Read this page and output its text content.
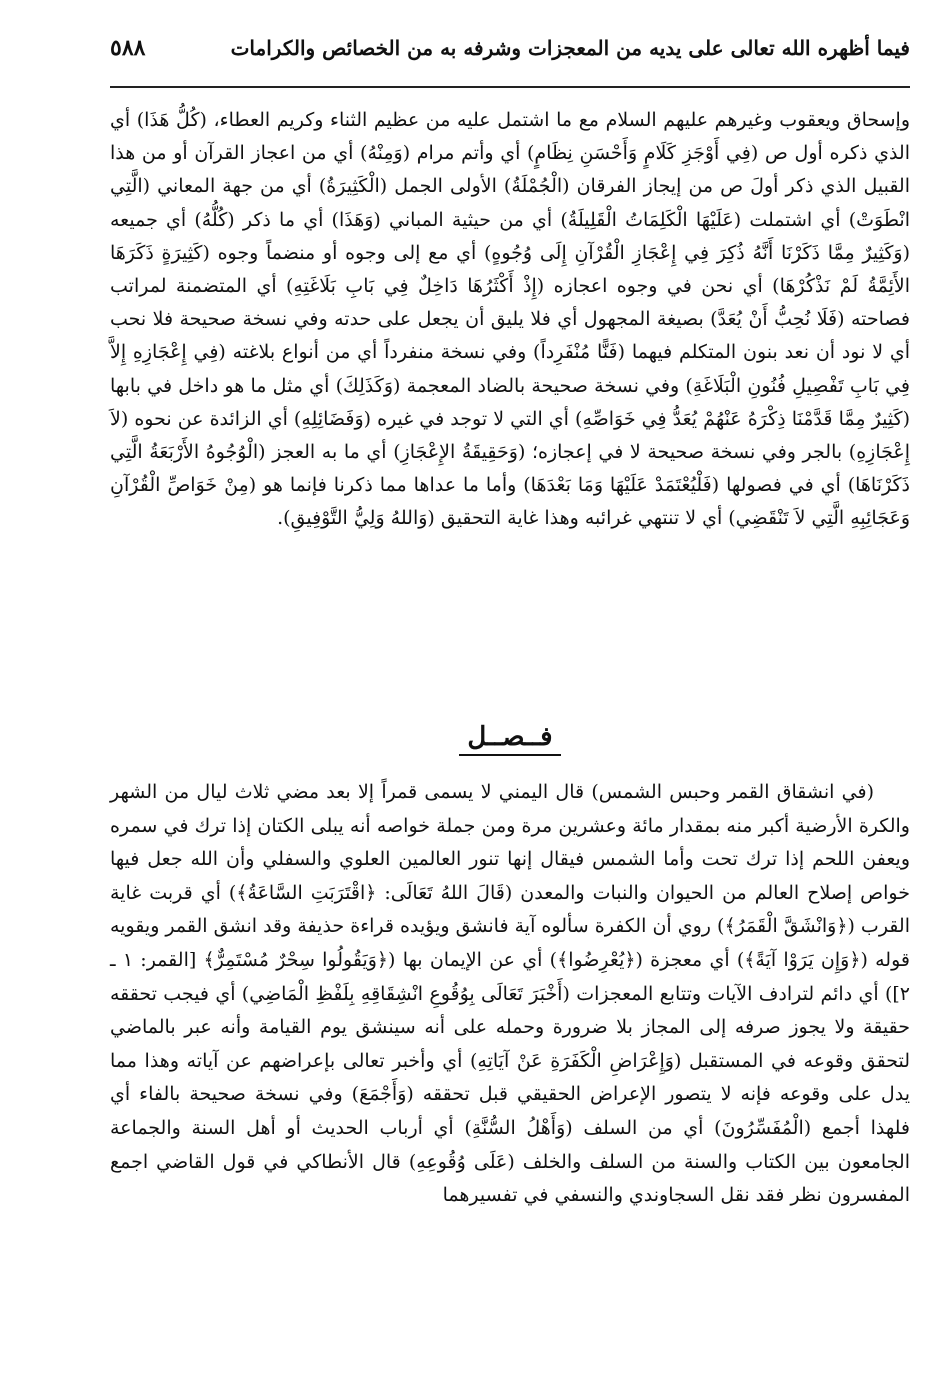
فيما أظهره الله تعالى على يديه من المعجزات وشرفه به من الخصائص والكرامات
٥٨٨

وإسحاق ويعقوب وغيرهم عليهم السلام مع ما اشتمل عليه من عظيم الثناء وكريم العطاء، (كُلُّ هَذَا) أي الذي ذكره أول ص (فِي أَوْجَزِ كَلَامٍ وَأَحْسَنِ نِظَامٍ) أي وأتم مرام (وَمِنْهُ) أي من اعجاز القرآن أو من هذا القبيل الذي ذكر أولَ ص من إيجاز الفرقان (الْجُمْلَةُ) الأولى الجمل (الْكَثِيرَةُ) أي من جهة المعاني (الَّتِي انْطَوَتْ) أي اشتملت (عَلَيْهَا الْكَلِمَاتُ الْقَلِيلَةُ) أي من حيثية المباني (وَهَذَا) أي ما ذكر (كُلُّهُ) أي جميعه (وَكَثِيرٌ مِمَّا ذَكَرْنَا أَنَّهُ ذُكِرَ فِي إِعْجَازِ الْقُرْآنِ إِلَى وُجُوهٍ) أي مع إلى وجوه أو منضماً وجوه (كَثِيرَةٍ ذَكَرَهَا الأَئِمَّةُ لَمْ نَذْكُرْهَا) أي نحن في وجوه اعجازه (إِذْ أَكْثَرُهَا دَاخِلٌ فِي بَابِ بَلَاغَتِهِ) أي المتضمنة لمراتب فصاحته (فَلَا نُحِبُّ أَنْ يُعَدَّ) بصيغة المجهول أي فلا يليق أن يجعل على حدته وفي نسخة صحيحة فلا نحب أي لا نود أن نعد بنون المتكلم فيهما (فَنًّا مُنْفَرِداً) وفي نسخة منفرداً أي من أنواع بلاغته (فِي إِعْجَازِهِ إِلاَّ فِي بَابِ تَفْصِيلِ فُنُونِ الْبَلَاغَةِ) وفي نسخة صحيحة بالضاد المعجمة (وَكَذَلِكَ) أي مثل ما هو داخل في بابها (كَثِيرٌ مِمَّا قَدَّمْنَا ذِكْرَهُ عَنْهُمْ يُعَدُّ فِي خَوَاصِّهِ) أي التي لا توجد في غيره (وَفَضَائِلِهِ) أي الزائدة عن نحوه (لاَ إِعْجَازِهِ) بالجر وفي نسخة صحيحة لا في إعجازه؛ (وَحَقِيقَةُ الإِعْجَازِ) أي ما به العجز (الْوُجُوهُ الأَرْبَعَةُ الَّتِي ذَكَرْنَاهَا) أي في فصولها (فَلْيُعْتَمَدْ عَلَيْهَا وَمَا بَعْدَهَا) وأما ما عداها مما ذكرنا فإنما هو (مِنْ خَوَاصِّ الْقُرْآنِ وَعَجَائِبِهِ الَّتِي لاَ تَنْقَضِي) أي لا تنتهي غرائبه وهذا غاية التحقيق (وَاللهُ وَلِيُّ التَّوْفِيقِ).

فــصــل

(في انشقاق القمر وحبس الشمس) قال اليمني لا يسمى قمراً إلا بعد مضي ثلاث ليال من الشهر والكرة الأرضية أكبر منه بمقدار مائة وعشرين مرة ومن جملة خواصه أنه يبلى الكتان إذا ترك في سمره ويعفن اللحم إذا ترك تحت وأما الشمس فيقال إنها تنور العالمين العلوي والسفلي وأن الله جعل فيها خواص إصلاح العالم من الحيوان والنبات والمعدن (قَالَ اللهُ تَعَالَى: ﴿اقْتَرَبَتِ السَّاعَةُ﴾) أي قربت غاية القرب (﴿وَانْشَقَّ الْقَمَرُ﴾) روي أن الكفرة سألوه آية فانشق ويؤيده قراءة حذيفة وقد انشق القمر ويقويه قوله (﴿وَإِن يَرَوْا آيَةً﴾) أي معجزة (﴿يُعْرِضُوا﴾) أي عن الإيمان بها (﴿وَيَقُولُوا سِحْرٌ مُسْتَمِرٌّ﴾ [القمر: ١ ـ ٢]) أي دائم لترادف الآيات وتتابع المعجزات (أَخْبَرَ تَعَالَى بِوُقُوعِ انْشِقَاقِهِ بِلَفْظِ الْمَاضِي) أي فيجب تحققه حقيقة ولا يجوز صرفه إلى المجاز بلا ضرورة وحمله على أنه سينشق يوم القيامة وأنه عبر بالماضي لتحقق وقوعه في المستقبل (وَإِعْرَاضِ الْكَفَرَةِ عَنْ آيَاتِهِ) أي وأخبر تعالى بإعراضهم عن آياته وهذا مما يدل على وقوعه فإنه لا يتصور الإعراض الحقيقي قبل تحققه (وَأَجْمَعَ) وفي نسخة صحيحة بالفاء أي فلهذا أجمع (الْمُفَسِّرُونَ) أي من السلف (وَأَهْلُ السُّنَّةِ) أي أرباب الحديث أو أهل السنة والجماعة الجامعون بين الكتاب والسنة من السلف والخلف (عَلَى وُقُوعِهِ) قال الأنطاكي في قول القاضي اجمع المفسرون نظر فقد نقل السجاوندي والنسفي في تفسيرهما
